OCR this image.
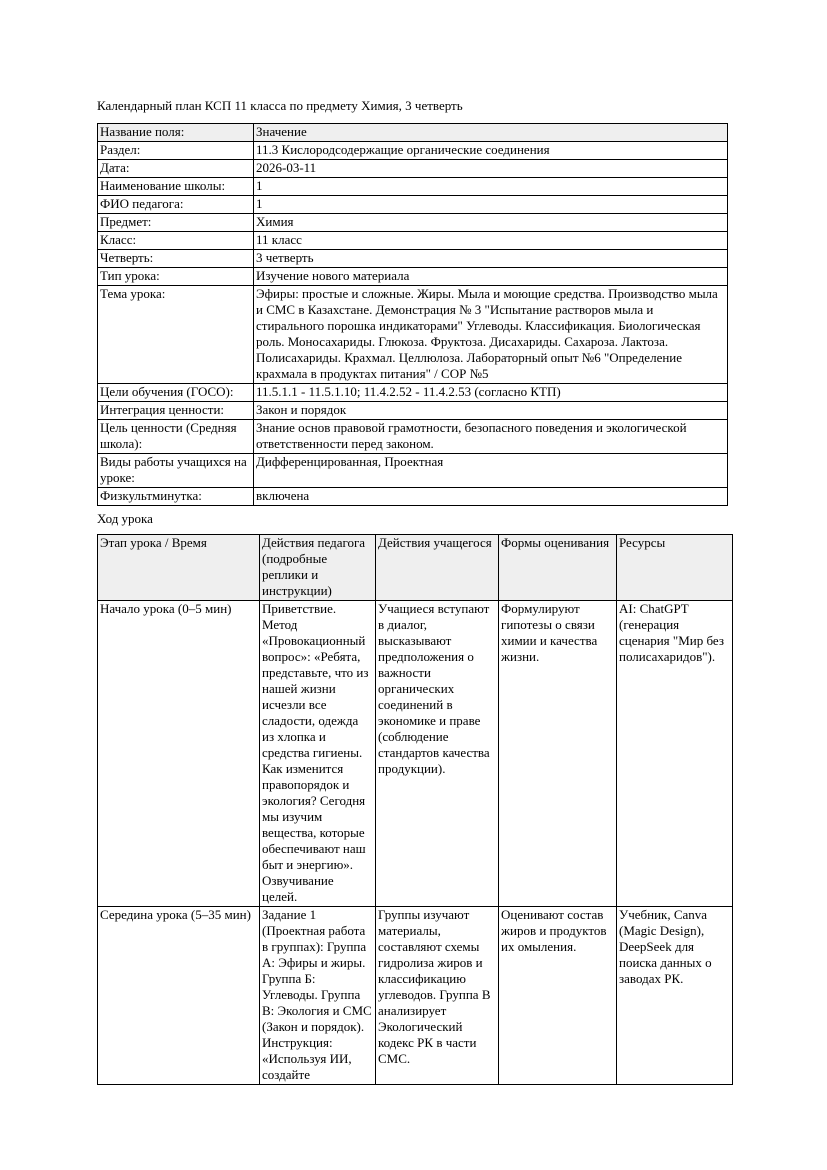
Календарный план КСП 11 класса по предмету Химия, 3 четверть

Название поля:	Значение
Раздел:	11.3 Кислородсодержащие органические соединения
Дата:	2026-03-11
Наименование школы:	1
ФИО педагога:	1
Предмет:	Химия
Класс:	11 класс
Четверть:	3 четверть
Тип урока:	Изучение нового материала
Тема урока:	Эфиры: простые и сложные. Жиры. Мыла и моющие средства. Производство мыла и СМС в Казахстане. Демонстрация № 3 "Испытание растворов мыла и стирального порошка индикаторами" Углеводы. Классификация. Биологическая роль. Моносахариды. Глюкоза. Фруктоза. Дисахариды. Сахароза. Лактоза. Полисахариды. Крахмал. Целлюлоза. Лабораторный опыт №6 "Определение крахмала в продуктах питания" / СОР №5
Цели обучения (ГОСО):	11.5.1.1 - 11.5.1.10; 11.4.2.52 - 11.4.2.53 (согласно КТП)
Интеграция ценности:	Закон и порядок
Цель ценности (Средняя школа):	Знание основ правовой грамотности, безопасного поведения и экологической ответственности перед законом.
Виды работы учащихся на уроке:	Дифференцированная, Проектная
Физкультминутка:	включена

Ход урока

Этап урока / Время	Действия педагога (подробные реплики и инструкции)	Действия учащегося	Формы оценивания	Ресурсы
Начало урока (0–5 мин)	Приветствие. Метод «Провокационный вопрос»: «Ребята, представьте, что из нашей жизни исчезли все сладости, одежда из хлопка и средства гигиены. Как изменится правопорядок и экология? Сегодня мы изучим вещества, которые обеспечивают наш быт и энергию». Озвучивание целей.	Учащиеся вступают в диалог, высказывают предположения о важности органических соединений в экономике и праве (соблюдение стандартов качества продукции).	Формулируют гипотезы о связи химии и качества жизни.	AI: ChatGPT (генерация сценария "Мир без полисахаридов").
Середина урока (5–35 мин)	Задание 1 (Проектная работа в группах): Группа А: Эфиры и жиры. Группа Б: Углеводы. Группа В: Экология и СМС (Закон и порядок). Инструкция: «Используя ИИ, создайте	Группы изучают материалы, составляют схемы гидролиза жиров и классификацию углеводов. Группа В анализирует Экологический кодекс РК в части СМС.	Оценивают состав жиров и продуктов их омыления.	Учебник, Canva (Magic Design), DeepSeek для поиска данных о заводах РК.
